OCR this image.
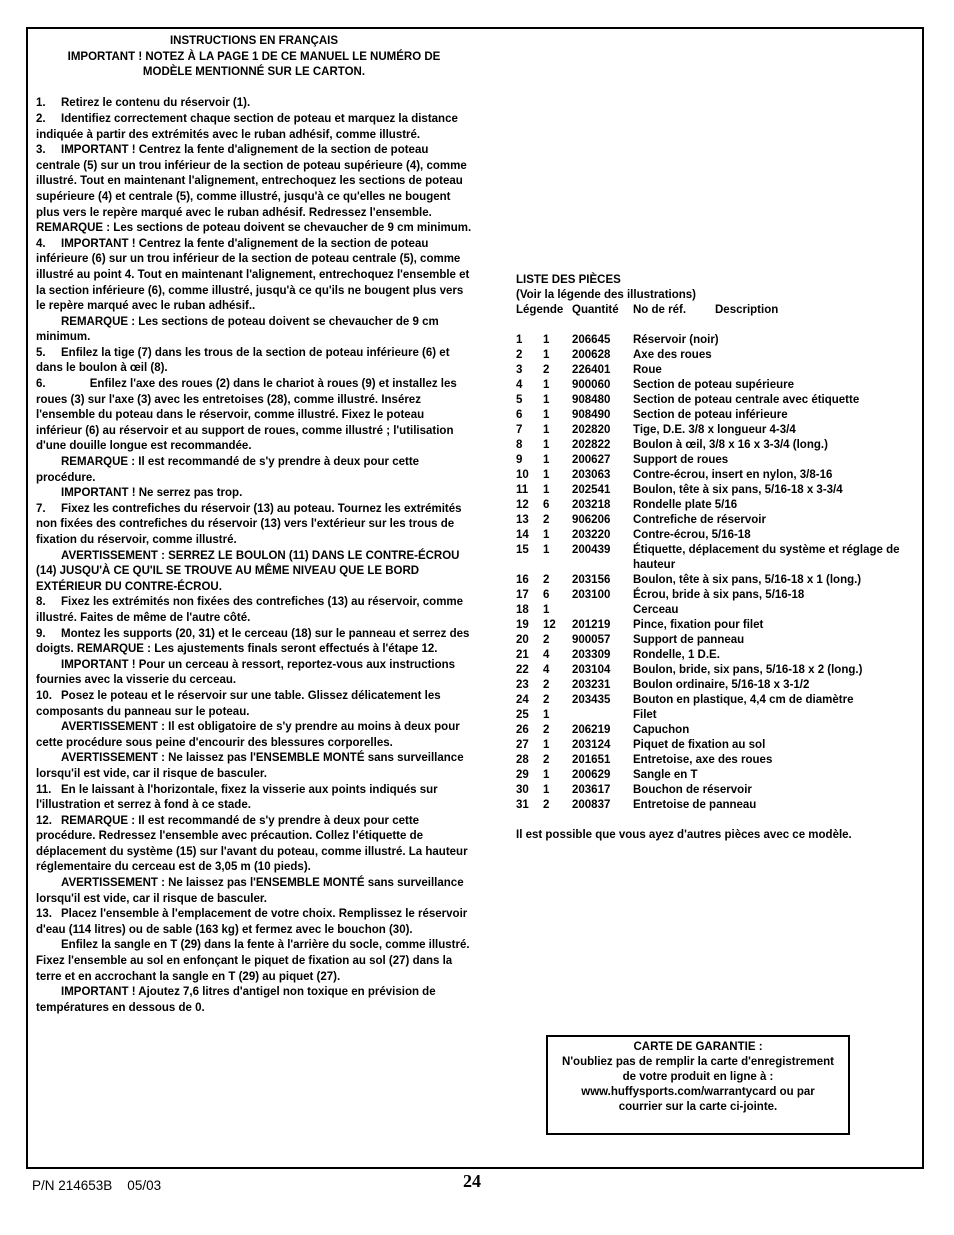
INSTRUCTIONS EN FRANÇAIS
IMPORTANT ! NOTEZ À LA PAGE 1 DE CE MANUEL LE NUMÉRO DE
MODÈLE MENTIONNÉ SUR LE CARTON.
1. Retirez le contenu du réservoir (1).
2. Identifiez correctement chaque section de poteau et marquez la distance indiquée à partir des extrémités avec le ruban adhésif, comme illustré.
3. IMPORTANT ! Centrez la fente d'alignement de la section de poteau centrale (5) sur un trou inférieur de la section de poteau supérieure (4), comme illustré. Tout en maintenant l'alignement, entrechoquez les sections de poteau supérieure (4) et centrale (5), comme illustré, jusqu'à ce qu'elles ne bougent plus vers le repère marqué avec le ruban adhésif. Redressez l'ensemble. REMARQUE : Les sections de poteau doivent se chevaucher de 9 cm minimum.
4. IMPORTANT ! Centrez la fente d'alignement de la section de poteau inférieure (6) sur un trou inférieur de la section de poteau centrale (5), comme illustré au point 4. Tout en maintenant l'alignement, entrechoquez l'ensemble et la section inférieure (6), comme illustré, jusqu'à ce qu'ils ne bougent plus vers le repère marqué avec le ruban adhésif..
REMARQUE : Les sections de poteau doivent se chevaucher de 9 cm minimum.
5. Enfilez la tige (7) dans les trous de la section de poteau inférieure (6) et dans le boulon à œil (8).
6.         Enfilez l'axe des roues (2) dans le chariot à roues (9) et installez les roues (3) sur l'axe (3) avec les entretoises (28), comme illustré. Insérez l'ensemble du poteau dans le réservoir, comme illustré. Fixez le poteau inférieur (6) au réservoir et au support de roues, comme illustré ; l'utilisation d'une douille longue est recommandée.
REMARQUE : Il est recommandé de s'y prendre à deux pour cette procédure.
IMPORTANT ! Ne serrez pas trop.
7. Fixez les contrefiches du réservoir (13) au poteau. Tournez les extrémités non fixées des contrefiches du réservoir (13) vers l'extérieur sur les trous de fixation du réservoir, comme illustré.
AVERTISSEMENT : SERREZ LE BOULON (11) DANS LE CONTRE-ÉCROU (14) JUSQU'À CE QU'IL SE TROUVE AU MÊME NIVEAU QUE LE BORD EXTÉRIEUR DU CONTRE-ÉCROU.
8. Fixez les extrémités non fixées des contrefiches (13) au réservoir, comme illustré. Faites de même de l'autre côté.
9. Montez les supports (20, 31) et le cerceau (18) sur le panneau et serrez des doigts. REMARQUE : Les ajustements finals seront effectués à l'étape 12.
IMPORTANT ! Pour un cerceau à ressort, reportez-vous aux instructions fournies avec la visserie du cerceau.
10. Posez le poteau et le réservoir sur une table. Glissez délicatement les composants du panneau sur le poteau.
AVERTISSEMENT : Il est obligatoire de s'y prendre au moins à deux pour cette procédure sous peine d'encourir des blessures corporelles.
AVERTISSEMENT : Ne laissez pas l'ENSEMBLE MONTÉ sans surveillance lorsqu'il est vide, car il risque de basculer.
11. En le laissant à l'horizontale, fixez la visserie aux points indiqués sur l'illustration et serrez à fond à ce stade.
12. REMARQUE : Il est recommandé de s'y prendre à deux pour cette procédure. Redressez l'ensemble avec précaution. Collez l'étiquette de déplacement du système (15) sur l'avant du poteau, comme illustré. La hauteur réglementaire du cerceau est de 3,05 m (10 pieds).
AVERTISSEMENT : Ne laissez pas l'ENSEMBLE MONTÉ sans surveillance lorsqu'il est vide, car il risque de basculer.
13. Placez l'ensemble à l'emplacement de votre choix. Remplissez le réservoir d'eau (114 litres) ou de sable (163 kg) et fermez avec le bouchon (30).
Enfilez la sangle en T (29) dans la fente à l'arrière du socle, comme illustré. Fixez l'ensemble au sol en enfonçant le piquet de fixation au sol (27) dans la terre et en accrochant la sangle en T (29) au piquet (27).
IMPORTANT ! Ajoutez 7,6 litres d'antigel non toxique en prévision de températures en dessous de 0.
LISTE DES PIÈCES
(Voir la légende des illustrations)
Légende Quantité No de réf.	Description
1 1 206645 Réservoir (noir)
2 1 200628 Axe des roues
3 2 226401 Roue
4 1 900060 Section de poteau supérieure
5 1 908480 Section de poteau centrale avec étiquette
6 1 908490 Section de poteau inférieure
7 1 202820 Tige, D.E. 3/8 x longueur 4-3/4
8 1 202822 Boulon à œil, 3/8 x 16 x 3-3/4 (long.)
9 1 200627 Support de roues
10 1 203063 Contre-écrou, insert en nylon, 3/8-16
11 1 202541 Boulon, tête à six pans, 5/16-18 x 3-3/4
12 6 203218 Rondelle plate 5/16
13 2 906206 Contrefiche de réservoir
14 1 203220 Contre-écrou, 5/16-18
15 1 200439 Étiquette, déplacement du système et réglage de hauteur
16 2 203156 Boulon, tête à six pans, 5/16-18 x 1 (long.)
17 6 203100 Écrou, bride à six pans, 5/16-18
18 1	Cerceau
19 12 201219 Pince, fixation pour filet
20 2 900057 Support de panneau
21 4 203309 Rondelle, 1 D.E.
22 4 203104 Boulon, bride, six pans, 5/16-18 x 2 (long.)
23 2 203231 Boulon ordinaire, 5/16-18 x 3-1/2
24 2 203435 Bouton en plastique, 4,4 cm de diamètre
25 1	Filet
26 2 206219 Capuchon
27 1 203124 Piquet de fixation au sol
28 2 201651 Entretoise, axe des roues
29 1 200629 Sangle en T
30 1 203617 Bouchon de réservoir
31 2 200837 Entretoise de panneau
Il est possible que vous ayez d'autres pièces avec ce modèle.
CARTE DE GARANTIE :
N'oubliez pas de remplir la carte d'enregistrement
de votre produit en ligne à :
www.huffysports.com/warrantycard ou par
courrier sur la carte ci-jointe.
P/N 214653B    05/03	24
